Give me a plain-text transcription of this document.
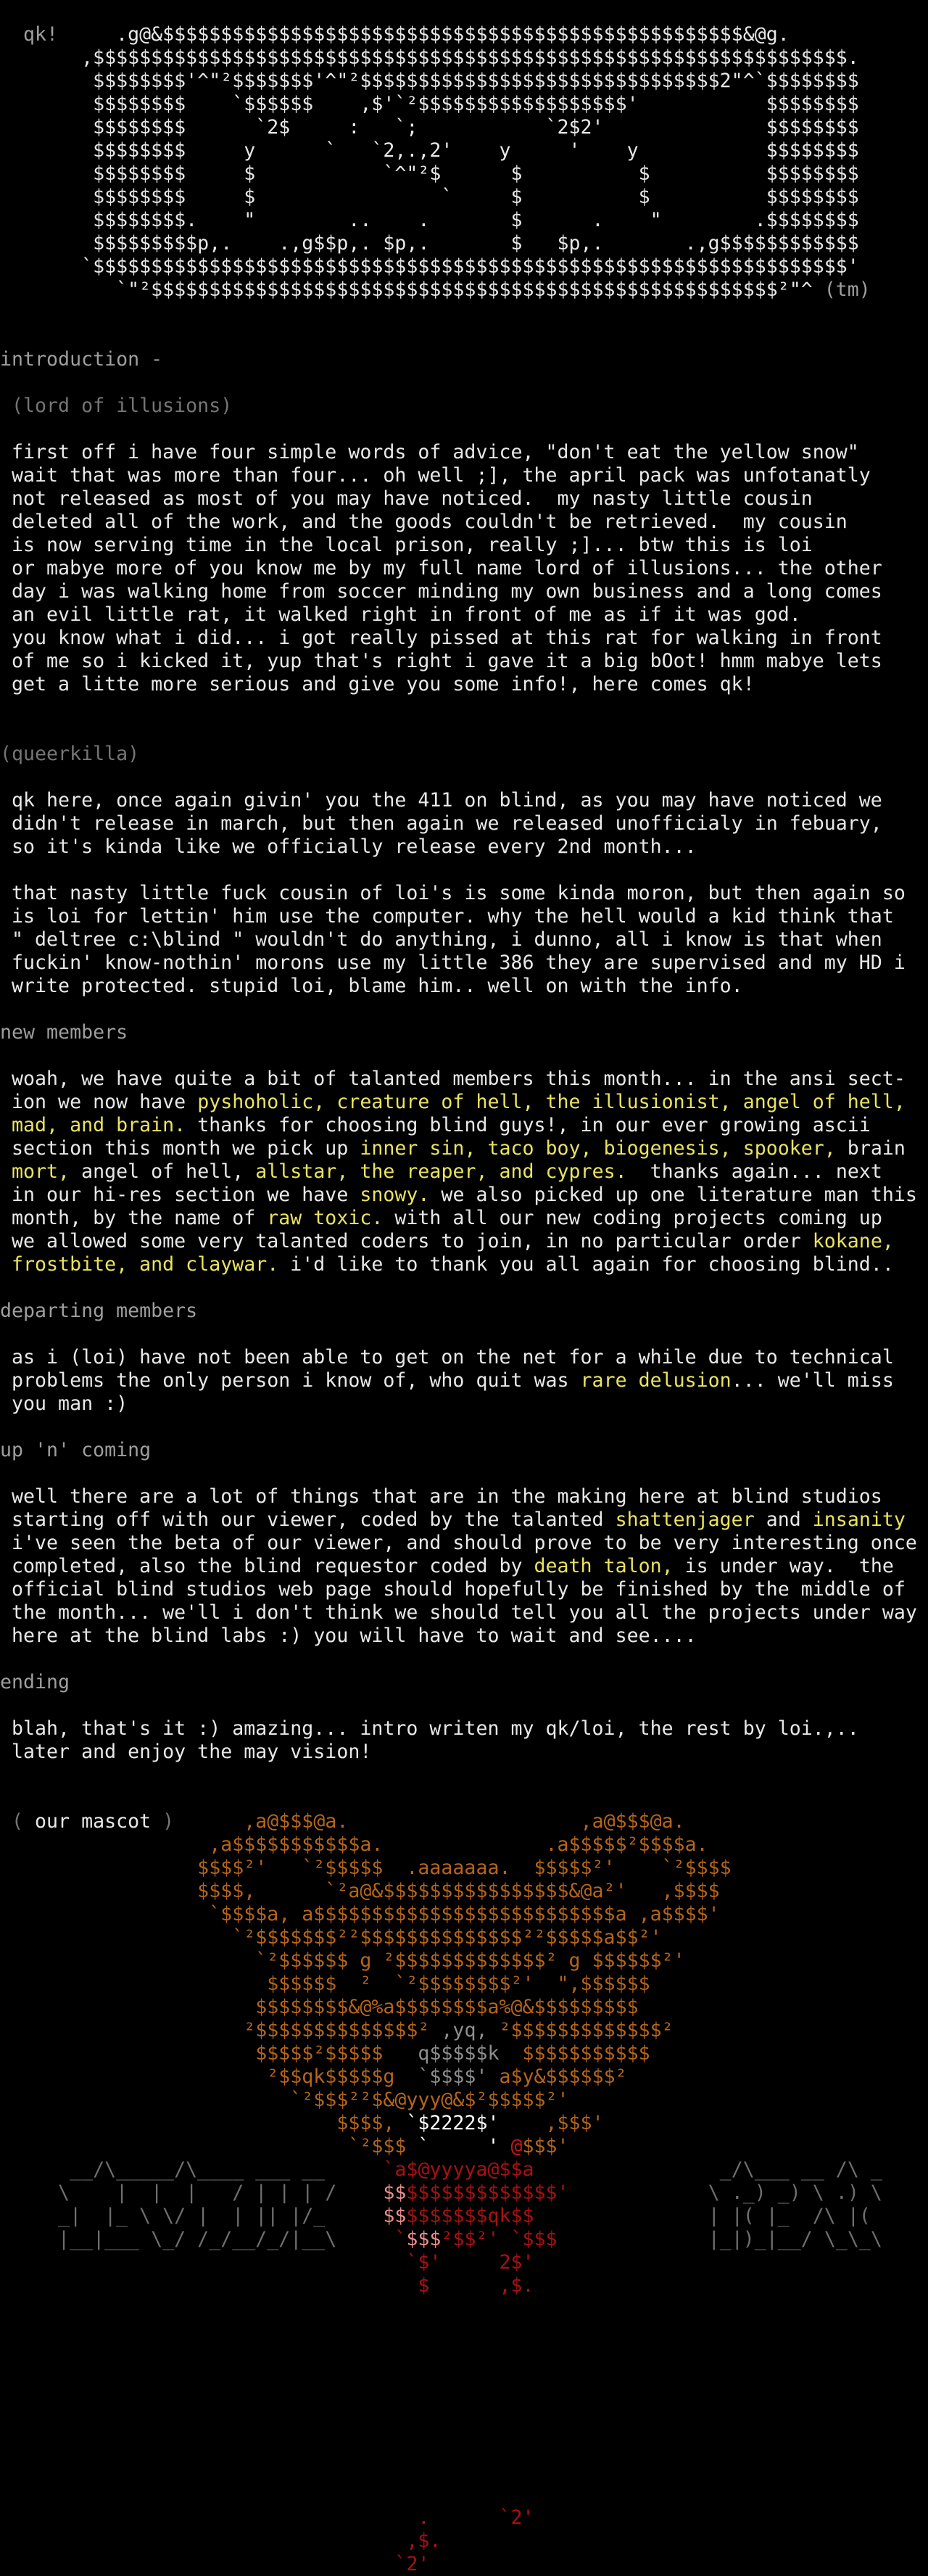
qk!     .g@&$$$$$$$$$$$$$$$$$$$$$$$$$$$$$$$$$$$$$$$$$$$$$$$$$$&@g.
,$$$$$$$$$$$$$$$$$$$$$$$$$$$$$$$$$$$$$$$$$$$$$$$$$$$$$$$$$$$$$$$$$.
$$$$$$$$'^"²$$$$$$$'^"²$$$$$$$$$$$$$$$$$$$$$$$$$$$$$$$2"^`$$$$$$$$
$$$$$$$$    `$$$$$$    ,$'`²$$$$$$$$$$$$$$$$$$'           $$$$$$$$
$$$$$$$$      `2$     :   `;           `2$2'              $$$$$$$$
$$$$$$$$     y      `   `2,.,2'    y     '    y           $$$$$$$$
$$$$$$$$     $           `^"²$      $          $          $$$$$$$$
$$$$$$$$     $                `     $          $          $$$$$$$$
$$$$$$$$.    "        ..    .       $      .    "        .$$$$$$$$
$$$$$$$$$p,.    .,g$$p,. $p,.       $   $p,.       .,g$$$$$$$$$$$$
`$$$$$$$$$$$$$$$$$$$$$$$$$$$$$$$$$$$$$$$$$$$$$$$$$$$$$$$$$$$$$$$$$'
`"²$$$$$$$$$$$$$$$$$$$$$$$$$$$$$$$$$$$$$$$$$$$$$$$$$$$$$$²"^ (tm)
introduction -
(lord of illusions)
first off i have four simple words of advice, "don't eat the yellow snow"
wait that was more than four... oh well ;], the april pack was unfotanatly
not released as most of you may have noticed.  my nasty little cousin
deleted all of the work, and the goods couldn't be retrieved.  my cousin
is now serving time in the local prison, really ;]... btw this is loi
or mabye more of you know me by my full name lord of illusions... the other
day i was walking home from soccer minding my own business and a long comes
an evil little rat, it walked right in front of me as if it was god.
you know what i did... i got really pissed at this rat for walking in front
of me so i kicked it, yup that's right i gave it a big bOot! hmm mabye lets
get a litte more serious and give you some info!, here comes qk!
(queerkilla)
qk here, once again givin' you the 411 on blind, as you may have noticed we
didn't release in march, but then again we released unofficialy in febuary,
so it's kinda like we officially release every 2nd month...
that nasty little fuck cousin of loi's is some kinda moron, but then again so
is loi for lettin' him use the computer. why the hell would a kid think that
" deltree c:\blind " wouldn't do anything, i dunno, all i know is that when
fuckin' know-nothin' morons use my little 386 they are supervised and my HD i
write protected. stupid loi, blame him.. well on with the info.
new members
woah, we have quite a bit of talanted members this month... in the ansi sect-
ion we now have pyshoholic, creature of hell, the illusionist, angel of hell,
mad, and brain. thanks for choosing blind guys!, in our ever growing ascii
section this month we pick up inner sin, taco boy, biogenesis, spooker, brain
mort, angel of hell, allstar, the reaper, and cypres.  thanks again... next
in our hi-res section we have snowy. we also picked up one literature man this
month, by the name of raw toxic. with all our new coding projects coming up
we allowed some very talanted coders to join, in no particular order kokane,
frostbite, and claywar. i'd like to thank you all again for choosing blind..
departing members
as i (loi) have not been able to get on the net for a while due to technical
problems the only person i know of, who quit was rare delusion... we'll miss
you man :)
up 'n' coming
well there are a lot of things that are in the making here at blind studios
starting off with our viewer, coded by the talanted shattenjager and insanity
i've seen the beta of our viewer, and should prove to be very interesting once
completed, also the blind requestor coded by death talon, is under way.  the
official blind studios web page should hopefully be finished by the middle of
the month... we'll i don't think we should tell you all the projects under way
here at the blind labs :) you will have to wait and see....
ending
blah, that's it :) amazing... intro writen my qk/loi, the rest by loi.,..
later and enjoy the may vision!
( our mascot )      ,a@$$$@a.                    ,a@$$$@a.
,a$$$$$$$$$$$a.              .a$$$$$²$$$$a.
$$$$²'   `²$$$$$  .aaaaaaa.  $$$$$²'    `²$$$$
$$$$,      `²a@&$$$$$$$$$$$$$$$$&@a²'   ,$$$$
`$$$$a, a$$$$$$$$$$$$$$$$$$$$$$$$$$a ,a$$$$'
`²$$$$$$$²²$$$$$$$$$$$$$$²²$$$$$a$$²'
`²$$$$$$ g ²$$$$$$$$$$$$$² g $$$$$$²'
$$$$$$  ²  `²$$$$$$$$²'  ",$$$$$$
$$$$$$$$&@%a$$$$$$$$a%@&$$$$$$$$$
²$$$$$$$$$$$$$$² ,yq, ²$$$$$$$$$$$$$²
$$$$$²$$$$$   q$$$$$k  $$$$$$$$$$$
²$$qk$$$$$g  `$$$$' a$y&$$$$$$²
`²$$$²²$&@yyy@&$²$$$$$²'
$$$$, `$2222$'    ,$$$'
`²$$$ `     ' @$$$'
__/\_____/\____ ___ __	`a$@yyyya@$$a	_/\___ __ /\ _
\    |  |  |   / | | | / $$$$$$$$$$$$$$$'	\ ._) _) \ .) \
_|  |_ \ \/ |  | || |/_	$$$$$$$$$qk$$	| |( |_  /\ |(
|__|___ \_/ /_/__/_/|__\	`$$$²$$²' `$$$	|_|)_|__/ \_\_\
`$'     2$'
$      ,$.
.      `2'
,$.
`2'
